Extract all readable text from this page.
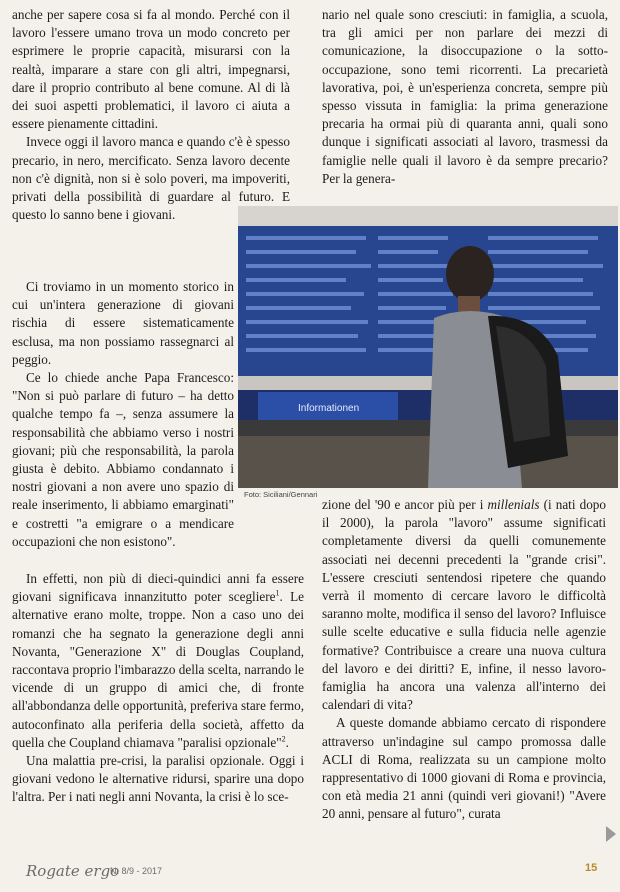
anche per sapere cosa si fa al mondo. Perché con il lavoro l'essere umano trova un modo concreto per esprimere le proprie capacità, misurarsi con la realtà, imparare a stare con gli altri, impegnarsi, dare il proprio contributo al bene comune. Al di là dei suoi aspetti problematici, il lavoro ci aiuta a essere pienamente cittadini.

Invece oggi il lavoro manca e quando c'è è spesso precario, in nero, mercificato. Senza lavoro decente non c'è dignità, non si è solo poveri, ma impoveriti, privati della possibilità di guardare al futuro. E questo lo sanno bene i giovani.

Ci troviamo in un momento storico in cui un'intera generazione di giovani rischia di essere sistematicamente esclusa, ma non possiamo rassegnarci al peggio.

Ce lo chiede anche Papa Francesco: "Non si può parlare di futuro – ha detto qualche tempo fa –, senza assumere la responsabilità che abbiamo verso i nostri giovani; più che responsabilità, la parola giusta è debito. Abbiamo condannato i nostri giovani a non avere uno spazio di reale inserimento, li abbiamo emarginati" e costretti "a emigrare o a mendicare occupazioni che non esistono".

In effetti, non più di dieci-quindici anni fa essere giovani significava innanzitutto poter scegliere$^1$. Le alternative erano molte, troppe. Non a caso uno dei romanzi che ha segnato la generazione degli anni Novanta, "Generazione X" di Douglas Coupland, raccontava proprio l'imbarazzo della scelta, narrando le vicende di un gruppo di amici che, di fronte all'abbondanza delle opportunità, preferiva stare fermo, autoconfinato alla periferia della società, affetto da quella che Coupland chiamava "paralisi opzionale"$^2$.

Una malattia pre-crisi, la paralisi opzionale. Oggi i giovani vedono le alternative ridursi, sparire una dopo l'altra. Per i nati negli anni Novanta, la crisi è lo sce-

nario nel quale sono cresciuti: in famiglia, a scuola, tra gli amici per non parlare dei mezzi di comunicazione, la disoccupazione o la sotto-occupazione, sono temi ricorrenti. La precarietà lavorativa, poi, è un'esperienza concreta, sempre più spesso vissuta in famiglia: la prima generazione precaria ha ormai più di quaranta anni, quali sono dunque i significati associati al lavoro, trasmessi da famiglie nelle quali il lavoro è da sempre precario? Per la genera-

Informationen
Foto: Siciliani/Gennari

zione del '90 e ancor più per i millenials (i nati dopo il 2000), la parola "lavoro" assume significati completamente diversi da quelli comunemente associati nei decenni precedenti la "grande crisi". L'essere cresciuti sentendosi ripetere che quando verrà il momento di cercare lavoro le difficoltà saranno molte, modifica il senso del lavoro? Influisce sulle scelte educative e sulla fiducia nelle agenzie formative? Contribuisce a creare una nuova cultura del lavoro e dei diritti? E, infine, il nesso lavoro-famiglia ha ancora una valenza all'interno dei calendari di vita?

A queste domande abbiamo cercato di rispondere attraverso un'indagine sul campo promossa dalle ACLI di Roma, realizzata su un campione molto rappresentativo di 1000 giovani di Roma e provincia, con età media 21 anni (quindi veri giovani!) "Avere 20 anni, pensare al futuro", curata

Rogate ergo
N. 8/9 - 2017	15
